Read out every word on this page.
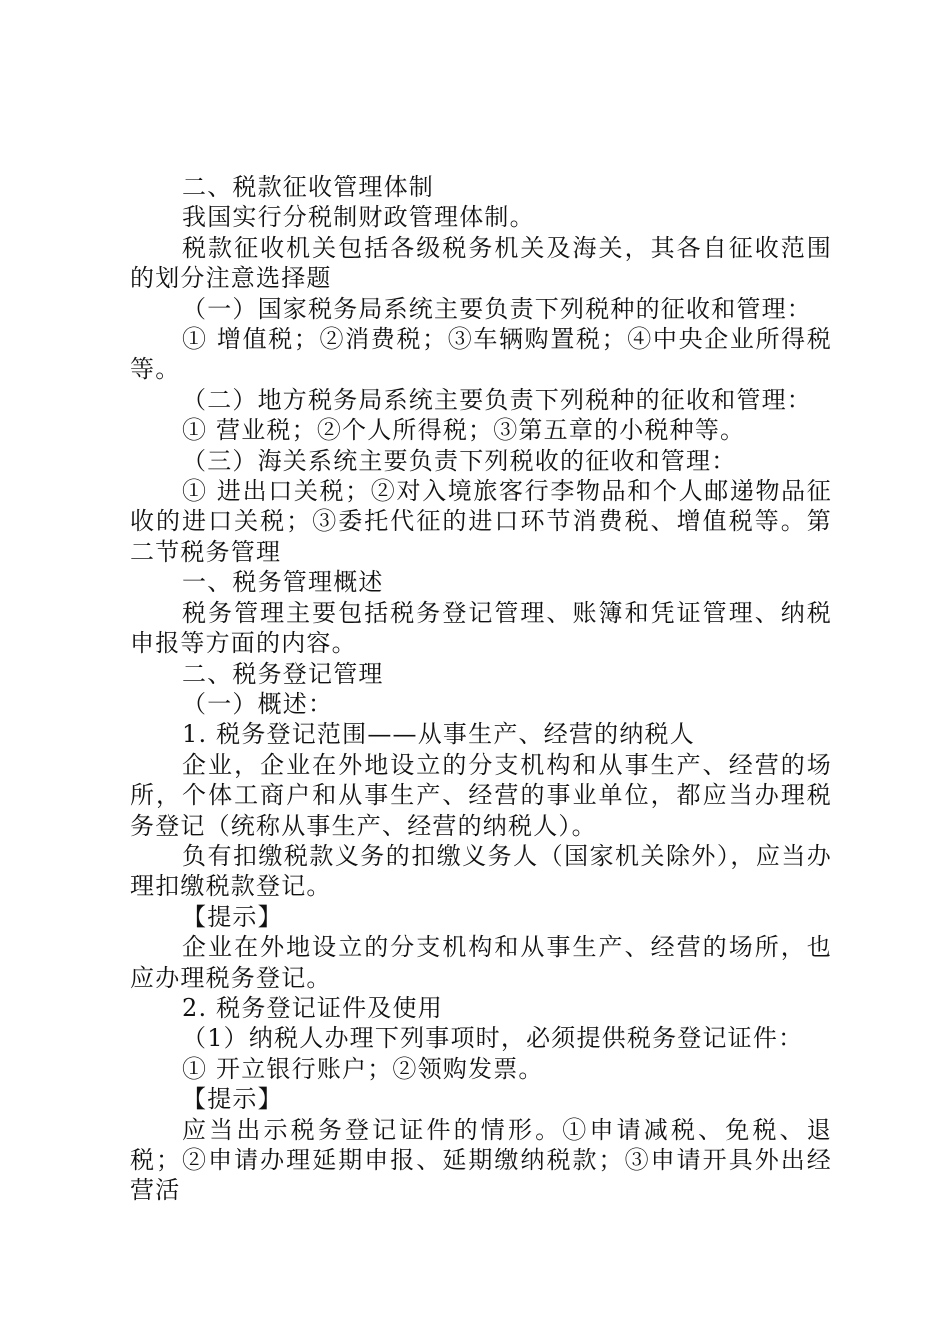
二、税款征收管理体制

我国实行分税制财政管理体制。

税款征收机关包括各级税务机关及海关，其各自征收范围的划分注意选择题

（一）国家税务局系统主要负责下列税种的征收和管理：

① 增值税；②消费税；③车辆购置税；④中央企业所得税等。

（二）地方税务局系统主要负责下列税种的征收和管理：

① 营业税；②个人所得税；③第五章的小税种等。

（三）海关系统主要负责下列税收的征收和管理：

① 进出口关税；②对入境旅客行李物品和个人邮递物品征收的进口关税；③委托代征的进口环节消费税、增值税等。第二节税务管理

一、税务管理概述

税务管理主要包括税务登记管理、账簿和凭证管理、纳税申报等方面的内容。

二、税务登记管理

（一）概述：

1. 税务登记范围——从事生产、经营的纳税人

企业，企业在外地设立的分支机构和从事生产、经营的场所，个体工商户和从事生产、经营的事业单位，都应当办理税务登记（统称从事生产、经营的纳税人）。

负有扣缴税款义务的扣缴义务人（国家机关除外），应当办理扣缴税款登记。

【提示】

企业在外地设立的分支机构和从事生产、经营的场所，也应办理税务登记。

2. 税务登记证件及使用

（1）纳税人办理下列事项时，必须提供税务登记证件：

① 开立银行账户；②领购发票。

【提示】

应当出示税务登记证件的情形。①申请减税、免税、退税；②申请办理延期申报、延期缴纳税款；③申请开具外出经营活
